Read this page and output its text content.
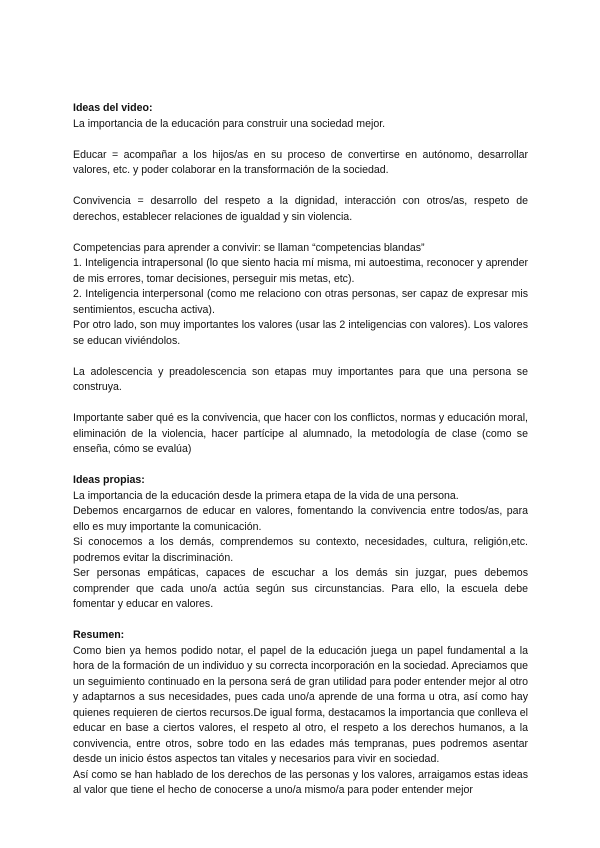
Ideas del video:

La importancia de la educación para construir una sociedad mejor.

Educar = acompañar a los hijos/as en su proceso de convertirse en autónomo, desarrollar valores, etc. y poder colaborar en la transformación de la sociedad.

Convivencia = desarrollo del respeto a la dignidad, interacción con otros/as, respeto de derechos, establecer relaciones de igualdad y sin violencia.

Competencias para aprender a convivir: se llaman “competencias blandas”
1. Inteligencia intrapersonal (lo que siento hacia mí misma, mi autoestima, reconocer y aprender de mis errores, tomar decisiones, perseguir mis metas, etc).
2. Inteligencia interpersonal (como me relaciono con otras personas, ser capaz de expresar mis sentimientos, escucha activa).
Por otro lado, son muy importantes los valores (usar las 2 inteligencias con valores). Los valores se educan viviéndolos.

La adolescencia y preadolescencia son etapas muy importantes para que una persona se construya.

Importante saber qué es la convivencia, que hacer con los conflictos, normas y educación moral, eliminación de la violencia, hacer partícipe al alumnado, la metodología de clase (como se enseña, cómo se evalúa)

Ideas propias:
La importancia de la educación desde la primera etapa de la vida de una persona.
Debemos encargarnos de educar en valores, fomentando la convivencia entre todos/as, para ello es muy importante la comunicación.
Si conocemos a los demás, comprendemos su contexto, necesidades, cultura, religión,etc. podremos evitar la discriminación.
Ser personas empáticas, capaces de escuchar a los demás sin juzgar, pues debemos comprender que cada uno/a actúa según sus circunstancias. Para ello, la escuela debe fomentar y educar en valores.
Resumen:
Como bien ya hemos podido notar, el papel de la educación juega un papel fundamental a la hora de la formación de un individuo y su correcta incorporación en la sociedad. Apreciamos que un seguimiento continuado en la persona será de gran utilidad para poder entender mejor al otro y adaptarnos a sus necesidades, pues cada uno/a aprende de una forma u otra, así como hay quienes requieren de ciertos recursos.De igual forma, destacamos la importancia que conlleva el educar en base a ciertos valores, el respeto al otro, el respeto a los derechos humanos, a la convivencia, entre otros, sobre todo en las edades más tempranas, pues podremos asentar desde un inicio éstos aspectos tan vitales y necesarios para vivir en sociedad.
Así como se han hablado de los derechos de las personas y los valores, arraigamos estas ideas al valor que tiene el hecho de conocerse a uno/a mismo/a para poder entender mejor
